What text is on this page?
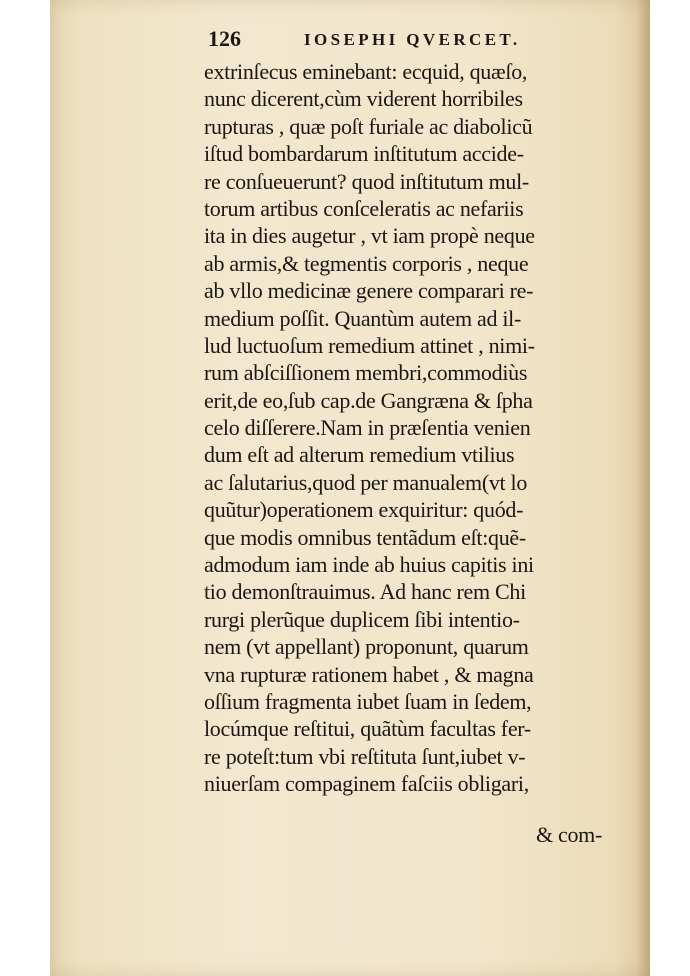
126	IOSEPHI QVERCET.
extrinſecus eminebant: ecquid, quæſo,
nunc dicerent,cùm viderent horribiles
rupturas , quæ poſt furiale ac diabolicũ
iſtud bombardarum inſtitutum accide-
re conſueuerunt? quod inſtitutum mul-
torum artibus conſceleratis ac nefariis
ita in dies augetur , vt iam propè neque
ab armis,& tegmentis corporis , neque
ab vllo medicinæ genere comparari re-
medium poſſit. Quantùm autem ad il-
lud luctuoſum remedium attinet , nimi-
rum abſciſſionem membri,commodiùs
erit,de eo,ſub cap.de Gangræna & ſpha
celo diſſerere.Nam in præſentia venien
dum eſt ad alterum remedium vtilius
ac ſalutarius,quod per manualem(vt lo
quũtur)operationem exquiritur: quód-
que modis omnibus tentãdum eſt:quẽ-
admodum iam inde ab huius capitis ini
tio demonſtrauimus. Ad hanc rem Chi
rurgi plerũque duplicem ſibi intentio-
nem (vt appellant) proponunt, quarum
vna rupturæ rationem habet , & magna
oſſium fragmenta iubet ſuam in ſedem,
locúmque reſtitui, quãtùm facultas fer-
re poteſt:tum vbi reſtituta ſunt,iubet v-
niuerſam compaginem faſciis obligari,
& com-
